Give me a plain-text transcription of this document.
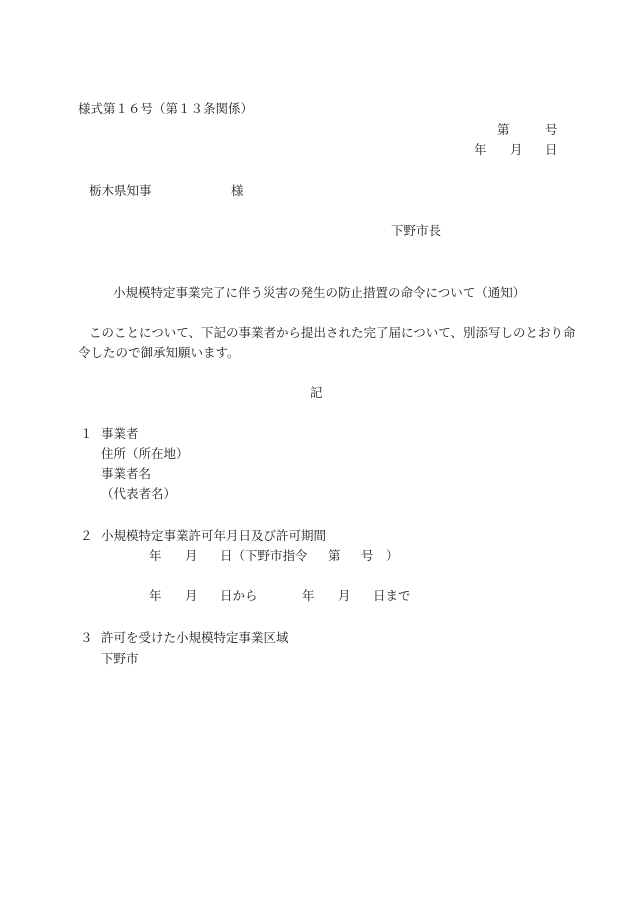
様式第１６号（第１３条関係）
第	号
年 月 日
栃木県知事	様
下野市長
小規模特定事業完了に伴う災害の発生の防止措置の命令について（通知）
このことについて、下記の事業者から提出された完了届について、別添写しのとおり命
令したので御承知願います。
記
１ 事業者
住所（所在地）
事業者名
（代表者名）
２ 小規模特定事業許可年月日及び許可期間
年 月 日（下野市指令 第 号　）
年 月 日から	年 月 日まで
３ 許可を受けた小規模特定事業区域
下野市
